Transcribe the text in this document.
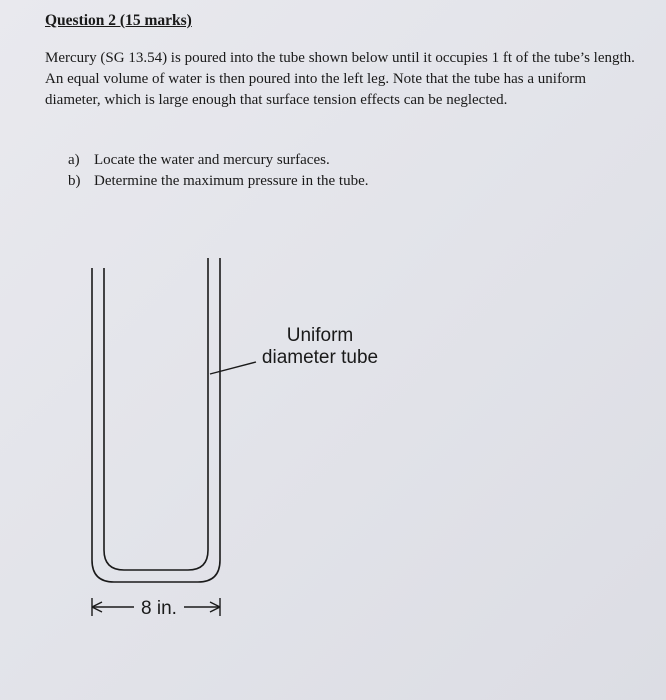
Question 2 (15 marks)

Mercury (SG 13.54) is poured into the tube shown below until it occupies 1 ft of the tube’s length. An equal volume of water is then poured into the left leg. Note that the tube has a uniform diameter, which is large enough that surface tension effects can be neglected.

a) Locate the water and mercury surfaces.
b) Determine the maximum pressure in the tube.
Uniform
diameter tube
8 in.
